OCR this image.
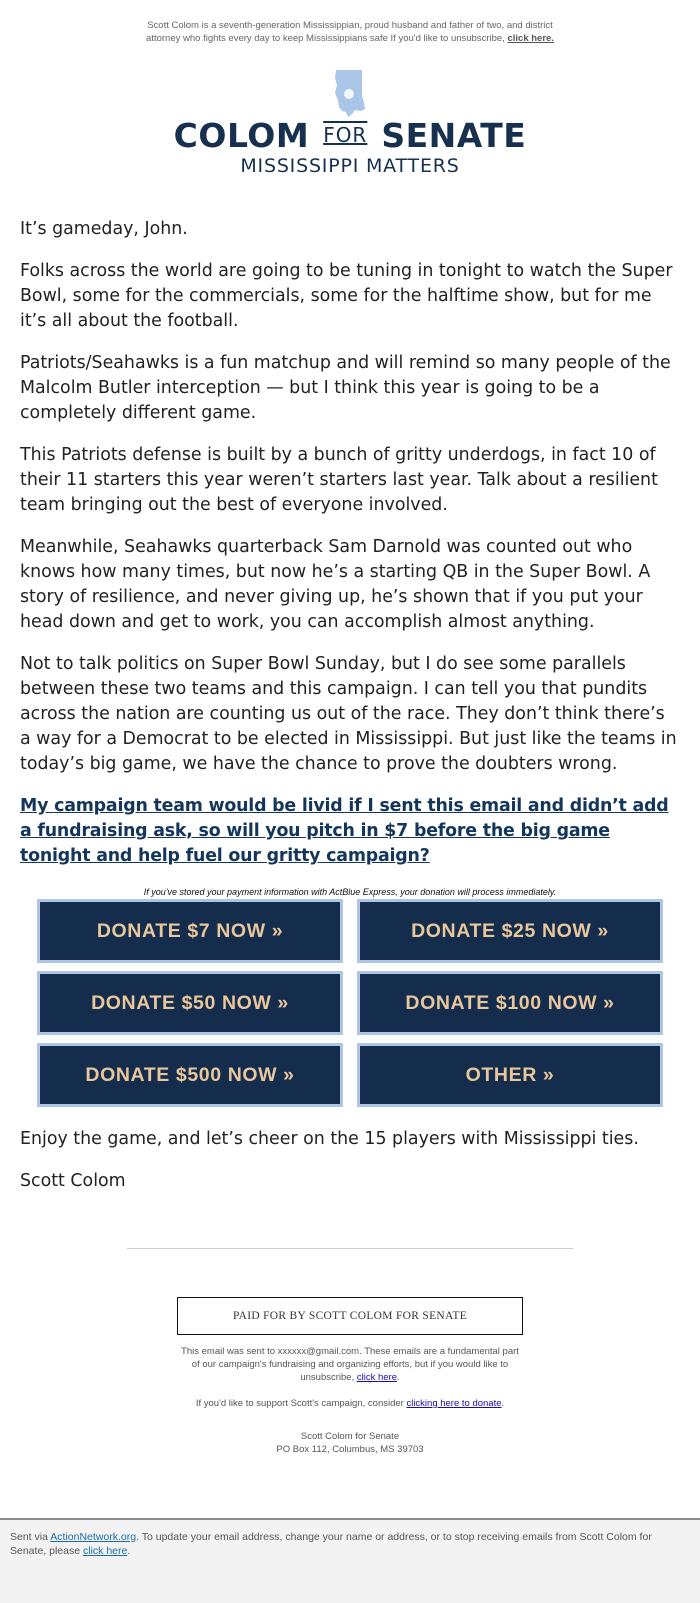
Scott Colom is a seventh-generation Mississippian, proud husband and father of two, and district attorney who fights every day to keep Mississippians safe If you'd like to unsubscribe, click here.
COLOM FOR SENATE
MISSISSIPPI MATTERS

It’s gameday, John.

Folks across the world are going to be tuning in tonight to watch the Super Bowl, some for the commercials, some for the halftime show, but for me it’s all about the football.

Patriots/Seahawks is a fun matchup and will remind so many people of the Malcolm Butler interception — but I think this year is going to be a completely different game.

This Patriots defense is built by a bunch of gritty underdogs, in fact 10 of their 11 starters this year weren’t starters last year. Talk about a resilient team bringing out the best of everyone involved.

Meanwhile, Seahawks quarterback Sam Darnold was counted out who knows how many times, but now he’s a starting QB in the Super Bowl. A story of resilience, and never giving up, he’s shown that if you put your head down and get to work, you can accomplish almost anything.

Not to talk politics on Super Bowl Sunday, but I do see some parallels between these two teams and this campaign. I can tell you that pundits across the nation are counting us out of the race. They don’t think there’s a way for a Democrat to be elected in Mississippi. But just like the teams in today’s big game, we have the chance to prove the doubters wrong.

My campaign team would be livid if I sent this email and didn’t add a fundraising ask, so will you pitch in $7 before the big game tonight and help fuel our gritty campaign?

If you've stored your payment information with ActBlue Express, your donation will process immediately.

DONATE $7 NOW »	DONATE $25 NOW »
DONATE $50 NOW »	DONATE $100 NOW »
DONATE $500 NOW »	OTHER »

Enjoy the game, and let’s cheer on the 15 players with Mississippi ties.

Scott Colom

PAID FOR BY SCOTT COLOM FOR SENATE
This email was sent to xxxxxx@gmail.com. These emails are a fundamental part of our campaign's fundraising and organizing efforts, but if you would like to unsubscribe, click here.
If you'd like to support Scott's campaign, consider clicking here to donate.
Scott Colom for Senate
PO Box 112, Columbus, MS 39703
Sent via ActionNetwork.org. To update your email address, change your name or address, or to stop receiving emails from Scott Colom for Senate, please click here.
